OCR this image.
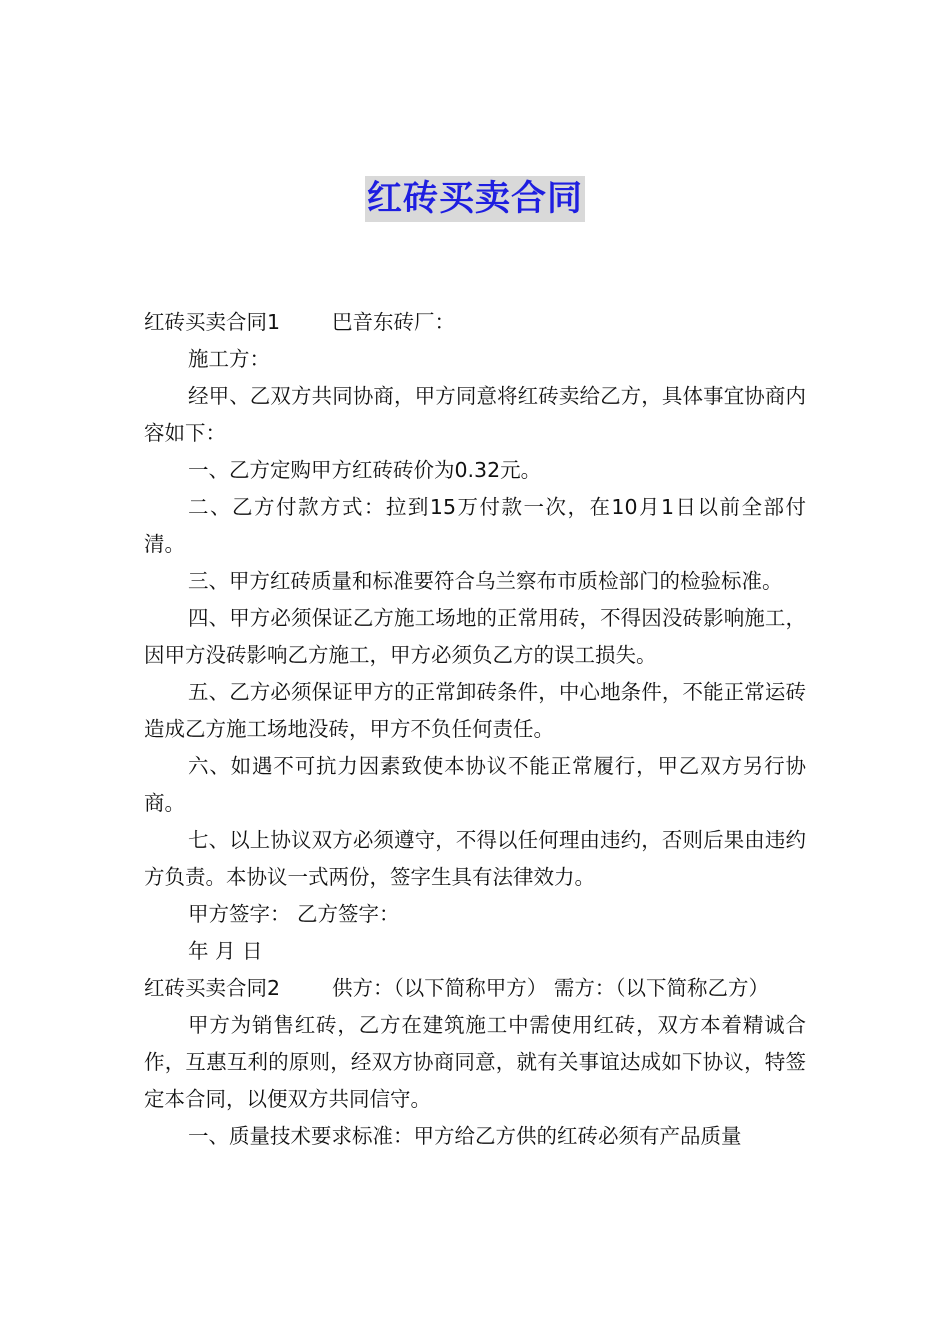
红砖买卖合同

红砖买卖合同1	巴音东砖厂：

施工方：

经甲、乙双方共同协商，甲方同意将红砖卖给乙方，具体事宜协商内容如下：

一、乙方定购甲方红砖砖价为0.32元。

二、乙方付款方式：拉到15万付款一次，在10月1日以前全部付清。

三、甲方红砖质量和标准要符合乌兰察布市质检部门的检验标准。

四、甲方必须保证乙方施工场地的正常用砖，不得因没砖影响施工，因甲方没砖影响乙方施工，甲方必须负乙方的误工损失。

五、乙方必须保证甲方的正常卸砖条件，中心地条件，不能正常运砖造成乙方施工场地没砖，甲方不负任何责任。

六、如遇不可抗力因素致使本协议不能正常履行，甲乙双方另行协商。

七、以上协议双方必须遵守，不得以任何理由违约，否则后果由违约方负责。本协议一式两份，签字生具有法律效力。

甲方签字： 乙方签字：

年 月 日

红砖买卖合同2	供方：（以下简称甲方） 需方：（以下简称乙方）

甲方为销售红砖，乙方在建筑施工中需使用红砖，双方本着精诚合作，互惠互利的原则，经双方协商同意，就有关事谊达成如下协议，特签定本合同，以便双方共同信守。

一、质量技术要求标准：甲方给乙方供的红砖必须有产品质量
